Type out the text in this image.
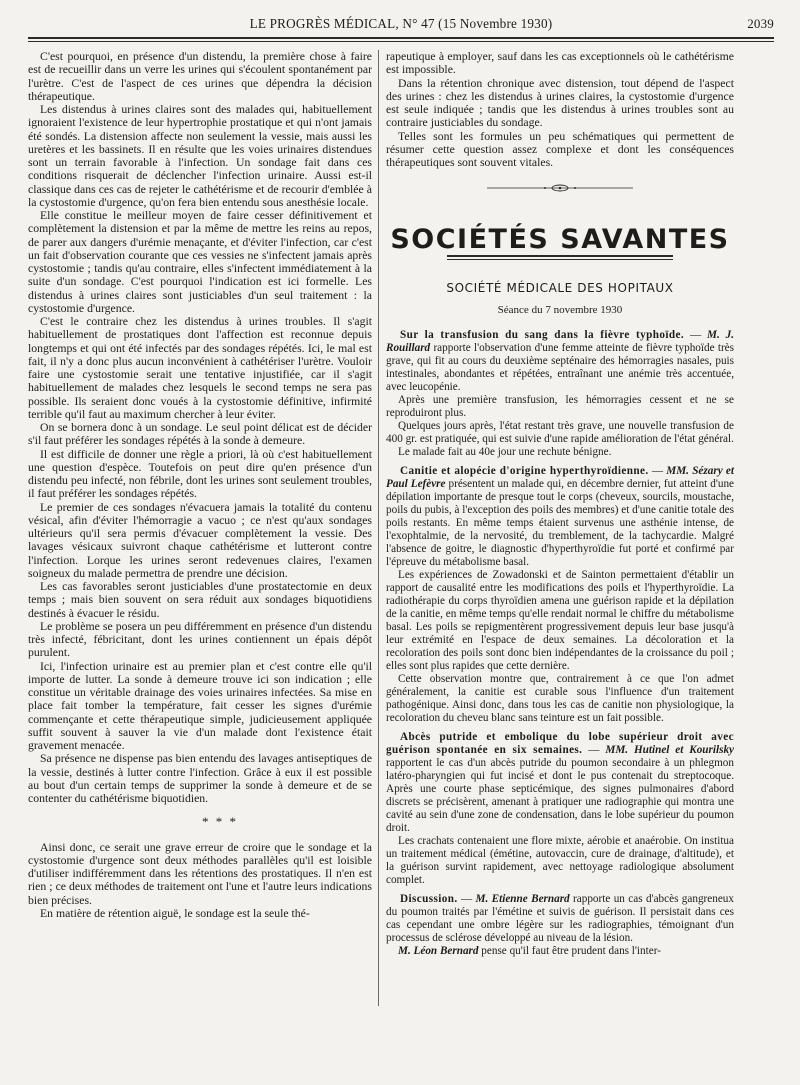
LE PROGRÈS MÉDICAL, N° 47 (15 Novembre 1930)	2039

C'est pourquoi, en présence d'un distendu, la première chose à faire est de recueillir dans un verre les urines qui s'écoulent spontanément par l'urètre. C'est de l'aspect de ces urines que dépendra la décision thérapeutique.

Les distendus à urines claires sont des malades qui, habituellement ignoraient l'existence de leur hypertrophie prostatique et qui n'ont jamais été sondés. La distension affecte non seulement la vessie, mais aussi les uretères et les bassinets. Il en résulte que les voies urinaires distendues sont un terrain favorable à l'infection. Un sondage fait dans ces conditions risquerait de déclencher l'infection urinaire. Aussi est-il classique dans ces cas de rejeter le cathétérisme et de recourir d'emblée à la cystostomie d'urgence, qu'on fera bien entendu sous anesthésie locale.

Elle constitue le meilleur moyen de faire cesser définitivement et complètement la distension et par la même de mettre les reins au repos, de parer aux dangers d'urémie menaçante, et d'éviter l'infection, car c'est un fait d'observation courante que ces vessies ne s'infectent jamais après cystostomie ; tandis qu'au contraire, elles s'infectent immédiatement à la suite d'un sondage. C'est pourquoi l'indication est ici formelle. Les distendus à urines claires sont justiciables d'un seul traitement : la cystostomie d'urgence.

C'est le contraire chez les distendus à urines troubles. Il s'agit habituellement de prostatiques dont l'affection est reconnue depuis longtemps et qui ont été infectés par des sondages répétés. Ici, le mal est fait, il n'y a donc plus aucun inconvénient à cathétériser l'urètre. Vouloir faire une cystostomie serait une tentative injustifiée, car il s'agit habituellement de malades chez lesquels le second temps ne sera pas possible. Ils seraient donc voués à la cystostomie définitive, infirmité terrible qu'il faut au maximum chercher à leur éviter.

On se bornera donc à un sondage. Le seul point délicat est de décider s'il faut préférer les sondages répétés à la sonde à demeure.

Il est difficile de donner une règle a priori, là où c'est habituellement une question d'espèce. Toutefois on peut dire qu'en présence d'un distendu peu infecté, non fébrile, dont les urines sont seulement troubles, il faut préférer les sondages répétés.

Le premier de ces sondages n'évacuera jamais la totalité du contenu vésical, afin d'éviter l'hémorragie a vacuo ; ce n'est qu'aux sondages ultérieurs qu'il sera permis d'évacuer complètement la vessie. Des lavages vésicaux suivront chaque cathétérisme et lutteront contre l'infection. Lorque les urines seront redevenues claires, l'examen soigneux du malade permettra de prendre une décision.

Les cas favorables seront justiciables d'une prostatectomie en deux temps ; mais bien souvent on sera réduit aux sondages biquotidiens destinés à évacuer le résidu.

Le problème se posera un peu différemment en présence d'un distendu très infecté, fébricitant, dont les urines contiennent un épais dépôt purulent.

Ici, l'infection urinaire est au premier plan et c'est contre elle qu'il importe de lutter. La sonde à demeure trouve ici son indication ; elle constitue un véritable drainage des voies urinaires infectées. Sa mise en place fait tomber la température, fait cesser les signes d'urémie commençante et cette thérapeutique simple, judicieusement appliquée suffit souvent à sauver la vie d'un malade dont l'existence était gravement menacée.

Sa présence ne dispense pas bien entendu des lavages antiseptiques de la vessie, destinés à lutter contre l'infection. Grâce à eux il est possible au bout d'un certain temps de supprimer la sonde à demeure et de se contenter du cathétérisme biquotidien.

* * *

Ainsi donc, ce serait une grave erreur de croire que le sondage et la cystostomie d'urgence sont deux méthodes parallèles qu'il est loisible d'utiliser indifféremment dans les rétentions des prostatiques. Il n'en est rien ; ce deux méthodes de traitement ont l'une et l'autre leurs indications bien précises.

En matière de rétention aiguë, le sondage est la seule thé-

rapeutique à employer, sauf dans les cas exceptionnels où le cathétérisme est impossible.

Dans la rétention chronique avec distension, tout dépend de l'aspect des urines : chez les distendus à urines claires, la cystostomie d'urgence est seule indiquée ; tandis que les distendus à urines troubles sont au contraire justiciables du sondage.

Telles sont les formules un peu schématiques qui permettent de résumer cette question assez complexe et dont les conséquences thérapeutiques sont souvent vitales.

SOCIÉTÉS SAVANTES
SOCIÉTÉ MÉDICALE DES HOPITAUX
Séance du 7 novembre 1930

Sur la transfusion du sang dans la fièvre typhoïde. — M. J. Rouillard rapporte l'observation d'une femme atteinte de fièvre typhoïde très grave, qui fit au cours du deuxième septénaire des hémorragies nasales, puis intestinales, abondantes et répétées, entraînant une anémie très accentuée, avec leucopénie.

Après une première transfusion, les hémorragies cessent et ne se reproduiront plus.

Quelques jours après, l'état restant très grave, une nouvelle transfusion de 400 gr. est pratiquée, qui est suivie d'une rapide amélioration de l'état général.

Le malade fait au 40e jour une rechute bénigne.

Canitie et alopécie d'origine hyperthyroïdienne. — MM. Sézary et Paul Lefèvre présentent un malade qui, en décembre dernier, fut atteint d'une dépilation importante de presque tout le corps (cheveux, sourcils, moustache, poils du pubis, à l'exception des poils des membres) et d'une canitie totale des poils restants. En même temps étaient survenus une asthénie intense, de l'exophtalmie, de la nervosité, du tremblement, de la tachycardie. Malgré l'absence de goitre, le diagnostic d'hyperthyroïdie fut porté et confirmé par l'épreuve du métabolisme basal.

Les expériences de Zowadonski et de Sainton permettaient d'établir un rapport de causalité entre les modifications des poils et l'hyperthyroïdie. La radiothérapie du corps thyroïdien amena une guérison rapide et la dépilation de la canitie, en même temps qu'elle rendait normal le chiffre du métabolisme basal. Les poils se repigmentèrent progressivement depuis leur base jusqu'à leur extrémité en l'espace de deux semaines. La décoloration et la recoloration des poils sont donc bien indépendantes de la croissance du poil ; elles sont plus rapides que cette dernière.

Cette observation montre que, contrairement à ce que l'on admet généralement, la canitie est curable sous l'influence d'un traitement pathogénique. Ainsi donc, dans tous les cas de canitie non physiologique, la recoloration du cheveu blanc sans teinture est un fait possible.

Abcès putride et embolique du lobe supérieur droit avec guérison spontanée en six semaines. — MM. Hutinel et Kourilsky rapportent le cas d'un abcès putride du poumon secondaire à un phlegmon latéro-pharyngien qui fut incisé et dont le pus contenait du streptocoque. Après une courte phase septicémique, des signes pulmonaires d'abord discrets se précisèrent, amenant à pratiquer une radiographie qui montra une cavité au sein d'une zone de condensation, dans le lobe supérieur du poumon droit.

Les crachats contenaient une flore mixte, aérobie et anaérobie. On institua un traitement médical (émétine, autovaccin, cure de drainage, d'altitude), et la guérison survint rapidement, avec nettoyage radiologique absolument complet.

Discussion. — M. Etienne Bernard rapporte un cas d'abcès gangreneux du poumon traités par l'émétine et suivis de guérison. Il persistait dans ces cas cependant une ombre légère sur les radiographies, témoignant d'un processus de sclérose développé au niveau de la lésion.

M. Léon Bernard pense qu'il faut être prudent dans l'inter-
